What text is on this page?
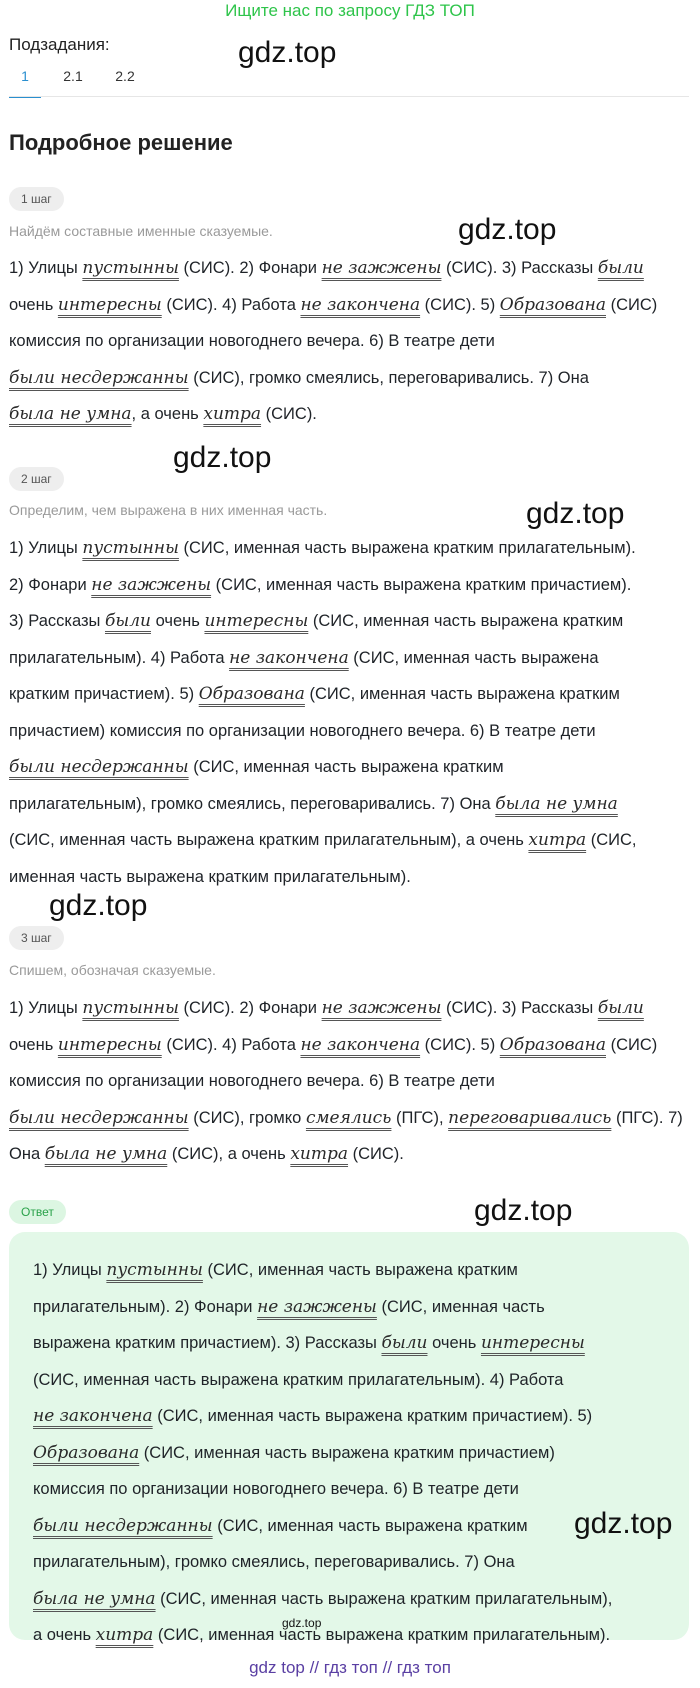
Ищите нас по запросу ГДЗ ТОП
Подзадания:
1	2.1 2.2
Подробное решение
1 шаг
Найдём составные именные сказуемые.
1) Улицы пустынны (СИС). 2) Фонари не зажжены (СИС). 3) Рассказы были
очень интересны (СИС). 4) Работа не закончена (СИС). 5) Образована (СИС)
комиссия по организации новогоднего вечера. 6) В театре дети
были несдержанны (СИС), громко смеялись, переговаривались. 7) Она
была не умна, а очень хитра (СИС).
2 шаг
Определим, чем выражена в них именная часть.
1) Улицы пустынны (СИС, именная часть выражена кратким прилагательным).
2) Фонари не зажжены (СИС, именная часть выражена кратким причастием).
3) Рассказы были очень интересны (СИС, именная часть выражена кратким
прилагательным). 4) Работа не закончена (СИС, именная часть выражена
кратким причастием). 5) Образована (СИС, именная часть выражена кратким
причастием) комиссия по организации новогоднего вечера. 6) В театре дети
были несдержанны (СИС, именная часть выражена кратким
прилагательным), громко смеялись, переговаривались. 7) Она была не умна
(СИС, именная часть выражена кратким прилагательным), а очень хитра (СИС,
именная часть выражена кратким прилагательным).
3 шаг
Спишем, обозначая сказуемые.
1) Улицы пустынны (СИС). 2) Фонари не зажжены (СИС). 3) Рассказы были
очень интересны (СИС). 4) Работа не закончена (СИС). 5) Образована (СИС)
комиссия по организации новогоднего вечера. 6) В театре дети
были несдержанны (СИС), громко смеялись (ПГС), переговаривались (ПГС). 7)
Она была не умна (СИС), а очень хитра (СИС).
Ответ
1) Улицы пустынны (СИС, именная часть выражена кратким
прилагательным). 2) Фонари не зажжены (СИС, именная часть
выражена кратким причастием). 3) Рассказы были очень интересны
(СИС, именная часть выражена кратким прилагательным). 4) Работа
не закончена (СИС, именная часть выражена кратким причастием). 5)
Образована (СИС, именная часть выражена кратким причастием)
комиссия по организации новогоднего вечера. 6) В театре дети
были несдержанны (СИС, именная часть выражена кратким
прилагательным), громко смеялись, переговаривались. 7) Она
была не умна (СИС, именная часть выражена кратким прилагательным),
а очень хитра (СИС, именная часть выражена кратким прилагательным).
gdz.top
gdz.top
gdz.top
gdz.top
gdz.top
gdz.top
gdz.top
gdz.top
gdz top // гдз топ // гдз топ
